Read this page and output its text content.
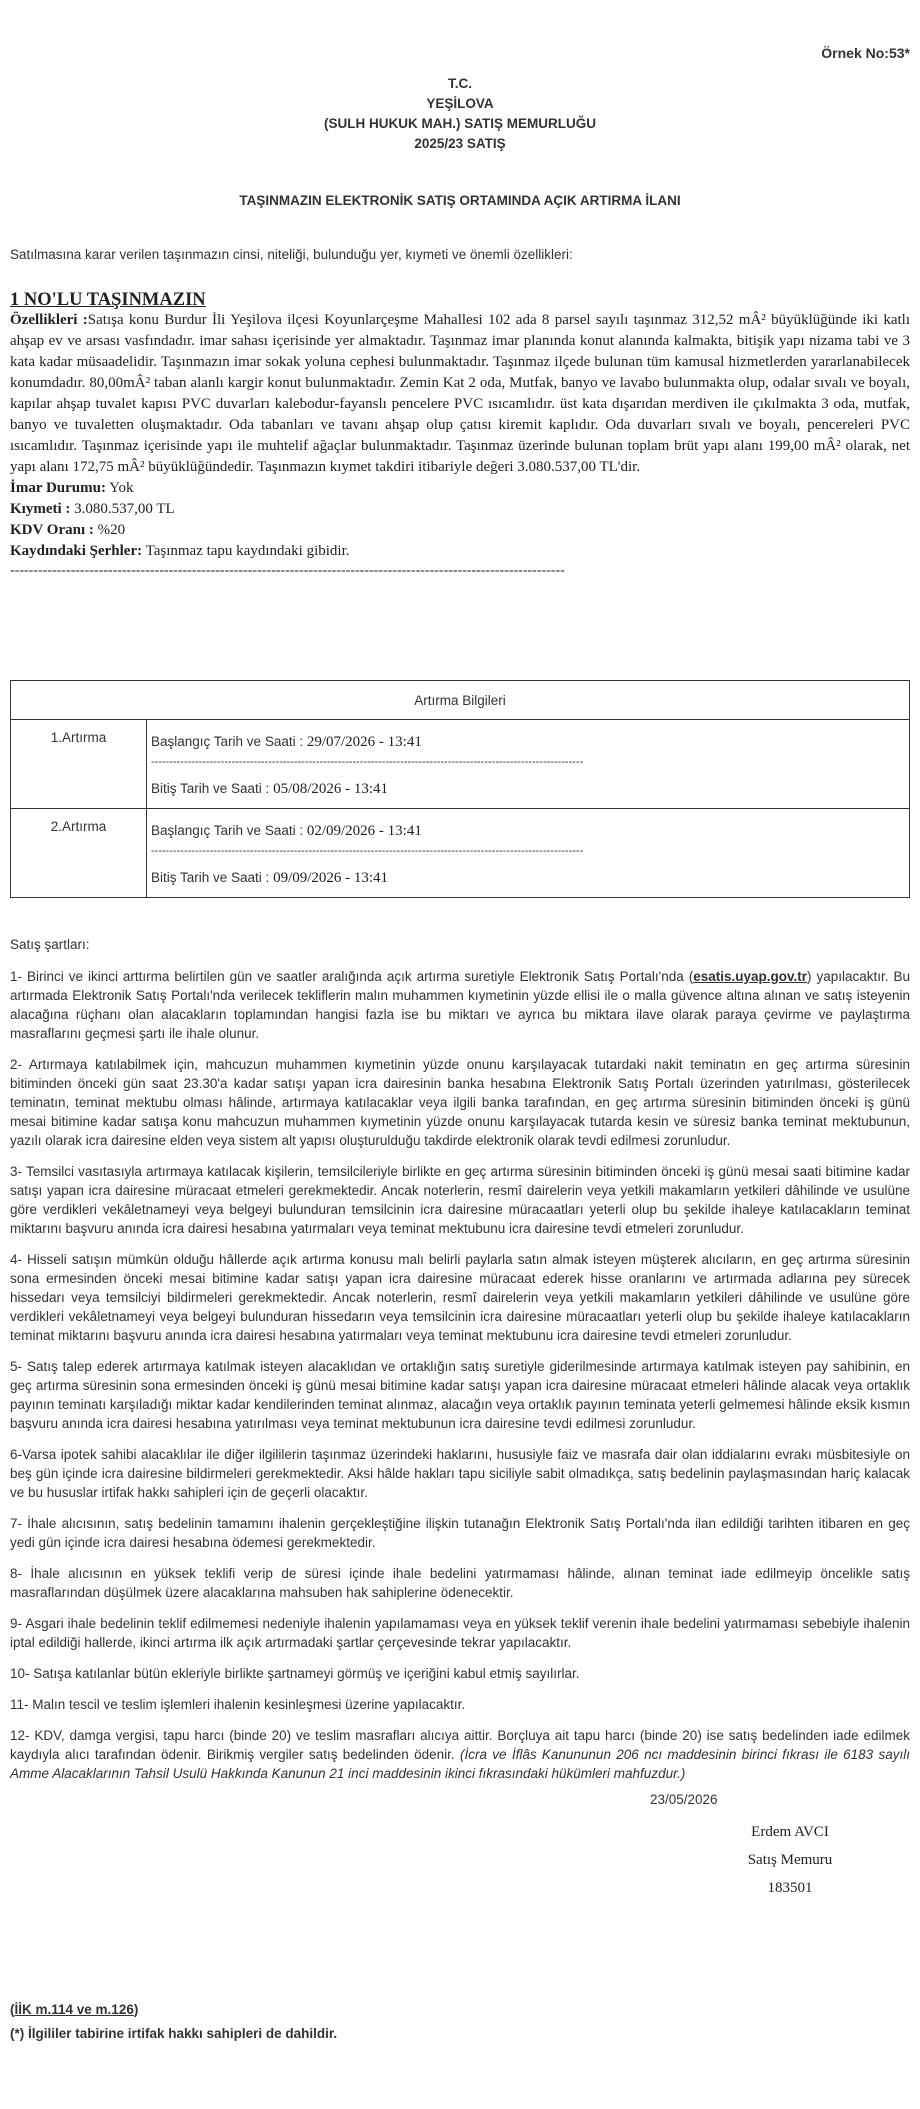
Örnek No:53*
T.C.
YEŞİLOVA
(SULH HUKUK MAH.) SATIŞ MEMURLUĞU
2025/23 SATIŞ
TAŞINMAZIN ELEKTRONİK SATIŞ ORTAMINDA AÇIK ARTIRMA İLANI
Satılmasına karar verilen taşınmazın cinsi, niteliği, bulunduğu yer, kıymeti ve önemli özellikleri:
1 NO'LU TAŞINMAZIN

Özellikleri :Satışa konu Burdur İli Yeşilova ilçesi Koyunlarçeşme Mahallesi 102 ada 8 parsel sayılı taşınmaz 312,52 mÂ² büyüklüğünde iki katlı ahşap ev ve arsası vasfındadır. imar sahası içerisinde yer almaktadır. Taşınmaz imar planında konut alanında kalmakta, bitişik yapı nizama tabi ve 3 kata kadar müsaadelidir. Taşınmazın imar sokak yoluna cephesi bulunmaktadır. Taşınmaz ilçede bulunan tüm kamusal hizmetlerden yararlanabilecek konumdadır. 80,00mÂ² taban alanlı kargir konut bulunmaktadır. Zemin Kat 2 oda, Mutfak, banyo ve lavabo bulunmakta olup, odalar sıvalı ve boyalı, kapılar ahşap tuvalet kapısı PVC duvarları kalebodur-fayanslı pencelere PVC ısıcamlıdır. üst kata dışarıdan merdiven ile çıkılmakta 3 oda, mutfak, banyo ve tuvaletten oluşmaktadır. Oda tabanları ve tavanı ahşap olup çatısı kiremit kaplıdır. Oda duvarları sıvalı ve boyalı, pencereleri PVC ısıcamlıdır. Taşınmaz içerisinde yapı ile muhtelif ağaçlar bulunmaktadır. Taşınmaz üzerinde bulunan toplam brüt yapı alanı 199,00 mÂ² olarak, net yapı alanı 172,75 mÂ² büyüklüğündedir. Taşınmazın kıymet takdiri itibariyle değeri 3.080.537,00 TL'dir.

İmar Durumu: Yok

Kıymeti : 3.080.537,00 TL

KDV Oranı : %20

Kaydındaki Şerhler: Taşınmaz tapu kaydındaki gibidir.

-----------------------------------------------------------------------------------------------------------------------
Artırma Bilgileri	
1.Artırma	Başlangıç Tarih ve Saati : 29/07/2026 - 13:41
----------------------------------------------------------------------------------------------------------------------
Bitiş Tarih ve Saati : 05/08/2026 - 13:41

2.Artırma	Başlangıç Tarih ve Saati : 02/09/2026 - 13:41
----------------------------------------------------------------------------------------------------------------------
Bitiş Tarih ve Saati : 09/09/2026 - 13:41
Satış şartları:

1- Birinci ve ikinci arttırma belirtilen gün ve saatler aralığında açık artırma suretiyle Elektronik Satış Portalı'nda (esatis.uyap.gov.tr) yapılacaktır. Bu artırmada Elektronik Satış Portalı'nda verilecek tekliflerin malın muhammen kıymetinin yüzde ellisi ile o malla güvence altına alınan ve satış isteyenin alacağına rüçhanı olan alacakların toplamından hangisi fazla ise bu miktarı ve ayrıca bu miktara ilave olarak paraya çevirme ve paylaştırma masraflarını geçmesi şartı ile ihale olunur.

2- Artırmaya katılabilmek için, mahcuzun muhammen kıymetinin yüzde onunu karşılayacak tutardaki nakit teminatın en geç artırma süresinin bitiminden önceki gün saat 23.30'a kadar satışı yapan icra dairesinin banka hesabına Elektronik Satış Portalı üzerinden yatırılması, gösterilecek teminatın, teminat mektubu olması hâlinde, artırmaya katılacaklar veya ilgili banka tarafından, en geç artırma süresinin bitiminden önceki iş günü mesai bitimine kadar satışa konu mahcuzun muhammen kıymetinin yüzde onunu karşılayacak tutarda kesin ve süresiz banka teminat mektubunun, yazılı olarak icra dairesine elden veya sistem alt yapısı oluşturulduğu takdirde elektronik olarak tevdi edilmesi zorunludur.

3- Temsilci vasıtasıyla artırmaya katılacak kişilerin, temsilcileriyle birlikte en geç artırma süresinin bitiminden önceki iş günü mesai saati bitimine kadar satışı yapan icra dairesine müracaat etmeleri gerekmektedir. Ancak noterlerin, resmî dairelerin veya yetkili makamların yetkileri dâhilinde ve usulüne göre verdikleri vekâletnameyi veya belgeyi bulunduran temsilcinin icra dairesine müracaatları yeterli olup bu şekilde ihaleye katılacakların teminat miktarını başvuru anında icra dairesi hesabına yatırmaları veya teminat mektubunu icra dairesine tevdi etmeleri zorunludur.

4- Hisseli satışın mümkün olduğu hâllerde açık artırma konusu malı belirli paylarla satın almak isteyen müşterek alıcıların, en geç artırma süresinin sona ermesinden önceki mesai bitimine kadar satışı yapan icra dairesine müracaat ederek hisse oranlarını ve artırmada adlarına pey sürecek hissedarı veya temsilciyi bildirmeleri gerekmektedir. Ancak noterlerin, resmî dairelerin veya yetkili makamların yetkileri dâhilinde ve usulüne göre verdikleri vekâletnameyi veya belgeyi bulunduran hissedarın veya temsilcinin icra dairesine müracaatları yeterli olup bu şekilde ihaleye katılacakların teminat miktarını başvuru anında icra dairesi hesabına yatırmaları veya teminat mektubunu icra dairesine tevdi etmeleri zorunludur.

5- Satış talep ederek artırmaya katılmak isteyen alacaklıdan ve ortaklığın satış suretiyle giderilmesinde artırmaya katılmak isteyen pay sahibinin, en geç artırma süresinin sona ermesinden önceki iş günü mesai bitimine kadar satışı yapan icra dairesine müracaat etmeleri hâlinde alacak veya ortaklık payının teminatı karşıladığı miktar kadar kendilerinden teminat alınmaz, alacağın veya ortaklık payının teminata yeterli gelmemesi hâlinde eksik kısmın başvuru anında icra dairesi hesabına yatırılması veya teminat mektubunun icra dairesine tevdi edilmesi zorunludur.

6-Varsa ipotek sahibi alacaklılar ile diğer ilgililerin taşınmaz üzerindeki haklarını, hususiyle faiz ve masrafa dair olan iddialarını evrakı müsbitesiyle on beş gün içinde icra dairesine bildirmeleri gerekmektedir. Aksi hâlde hakları tapu siciliyle sabit olmadıkça, satış bedelinin paylaşmasından hariç kalacak ve bu hususlar irtifak hakkı sahipleri için de geçerli olacaktır.

7- İhale alıcısının, satış bedelinin tamamını ihalenin gerçekleştiğine ilişkin tutanağın Elektronik Satış Portalı'nda ilan edildiği tarihten itibaren en geç yedi gün içinde icra dairesi hesabına ödemesi gerekmektedir.

8- İhale alıcısının en yüksek teklifi verip de süresi içinde ihale bedelini yatırmaması hâlinde, alınan teminat iade edilmeyip öncelikle satış masraflarından düşülmek üzere alacaklarına mahsuben hak sahiplerine ödenecektir.

9- Asgari ihale bedelinin teklif edilmemesi nedeniyle ihalenin yapılamaması veya en yüksek teklif verenin ihale bedelini yatırmaması sebebiyle ihalenin iptal edildiği hallerde, ikinci artırma ilk açık artırmadaki şartlar çerçevesinde tekrar yapılacaktır.

10- Satışa katılanlar bütün ekleriyle birlikte şartnameyi görmüş ve içeriğini kabul etmiş sayılırlar.

11- Malın tescil ve teslim işlemleri ihalenin kesinleşmesi üzerine yapılacaktır.

12- KDV, damga vergisi, tapu harcı (binde 20) ve teslim masrafları alıcıya aittir. Borçluya ait tapu harcı (binde 20) ise satış bedelinden iade edilmek kaydıyla alıcı tarafından ödenir. Birikmiş vergiler satış bedelinden ödenir. (İcra ve İflâs Kanununun 206 ncı maddesinin birinci fıkrası ile 6183 sayılı Amme Alacaklarının Tahsil Usulü Hakkında Kanunun 21 inci maddesinin ikinci fıkrasındaki hükümleri mahfuzdur.)

23/05/2026
Erdem AVCI
Satış Memuru
183501
(İİK m.114 ve m.126)
(*) İlgililer tabirine irtifak hakkı sahipleri de dahildir.
